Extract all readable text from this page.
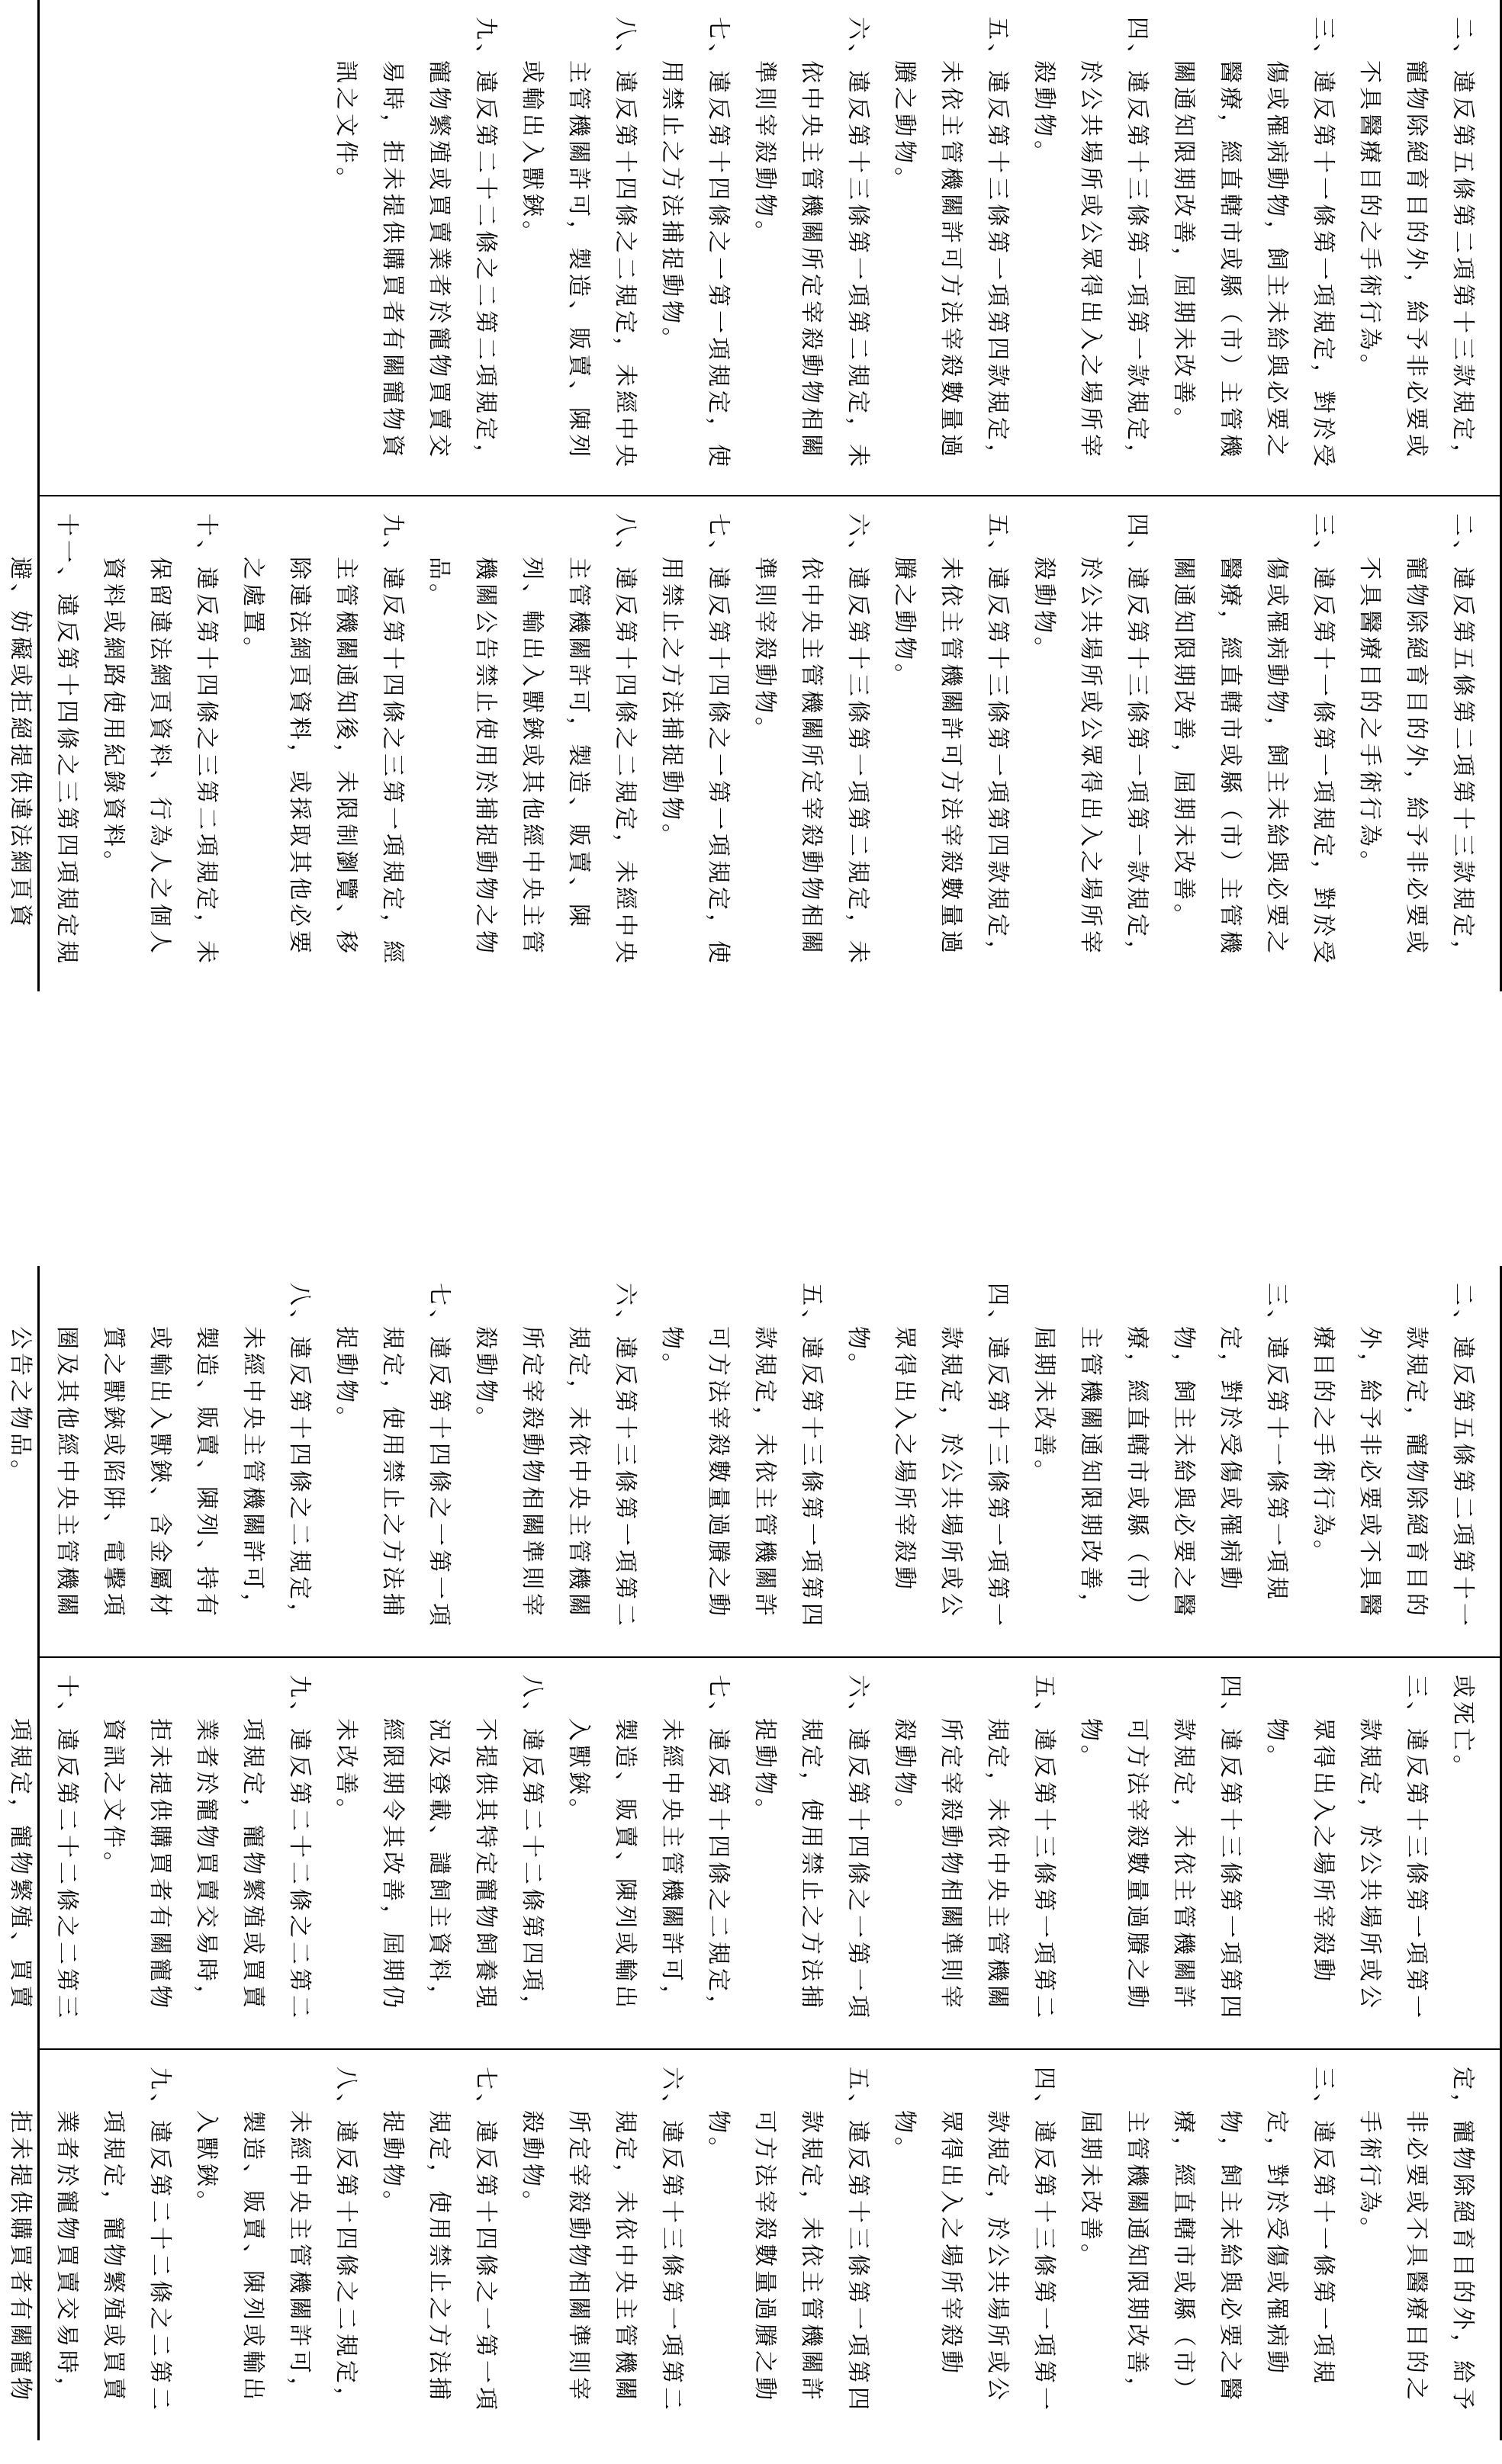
二、違反第五條第二項第十三款規定，寵物除絕育目的外，給予非必要或不具醫療目的之手術行為。

三、違反第十一條第一項規定，對於受傷或罹病動物，飼主未給與必要之醫療，經直轄市或縣（市）主管機關通知限期改善，屆期未改善。

四、違反第十三條第一項第一款規定，於公共場所或公眾得出入之場所宰殺動物。

五、違反第十三條第一項第四款規定，未依主管機關許可方法宰殺數量過賸之動物。

六、違反第十三條第一項第二規定，未依中央主管機關所定宰殺動物相關準則宰殺動物。

七、違反第十四條之一第一項規定，使用禁止之方法捕捉動物。

八、違反第十四條之二規定，未經中央主管機關許可，製造、販賣、陳列或輸出入獸鋏。

九、違反第二十二條之二第二項規定，寵物繁殖或買賣業者於寵物買賣交易時，拒未提供購買者有關寵物資訊之文件。

二、違反第五條第二項第十三款規定，寵物除絕育目的外，給予非必要或不具醫療目的之手術行為。

三、違反第十一條第一項規定，對於受傷或罹病動物，飼主未給與必要之醫療，經直轄市或縣（市）主管機關通知限期改善，屆期未改善。

四、違反第十三條第一項第一款規定，於公共場所或公眾得出入之場所宰殺動物。

五、違反第十三條第一項第四款規定，未依主管機關許可方法宰殺數量過賸之動物。

六、違反第十三條第一項第二規定，未依中央主管機關所定宰殺動物相關準則宰殺動物。

七、違反第十四條之一第一項規定，使用禁止之方法捕捉動物。

八、違反第十四條之二規定，未經中央主管機關許可，製造、販賣、陳列、輸出入獸鋏或其他經中央主管機關公告禁止使用於捕捉動物之物品。

九、違反第十四條之三第一項規定，經主管機關通知後，未限制瀏覽、移除違法網頁資料，或採取其他必要之處置。

十、違反第十四條之三第二項規定，未保留違法網頁資料、行為人之個人資料或網路使用紀錄資料。

十一、違反第十四條之三第四項規定規避、妨礙或拒絕提供違法網頁資

二、違反第五條第二項第十一款規定，寵物除絕育目的外，給予非必要或不具醫療目的之手術行為。

三、違反第十一條第一項規定，對於受傷或罹病動物，飼主未給與必要之醫療，經直轄市或縣（市）主管機關通知限期改善，屆期未改善。

四、違反第十三條第一項第一款規定，於公共場所或公眾得出入之場所宰殺動物。

五、違反第十三條第一項第四款規定，未依主管機關許可方法宰殺數量過賸之動物。

六、違反第十三條第一項第二規定，未依中央主管機關所定宰殺動物相關準則宰殺動物。

七、違反第十四條之一第一項規定，使用禁止之方法捕捉動物。

八、違反第十四條之二規定，未經中央主管機關許可，製造、販賣、陳列、持有或輸出入獸鋏、含金屬材質之獸鋏或陷阱、電擊項圈及其他經中央主管機關公告之物品。

或死亡。

三、違反第十三條第一項第一款規定，於公共場所或公眾得出入之場所宰殺動物。

四、違反第十三條第一項第四款規定，未依主管機關許可方法宰殺數量過賸之動物。

五、違反第十三條第一項第二規定，未依中央主管機關所定宰殺動物相關準則宰殺動物。

六、違反第十四條之一第一項規定，使用禁止之方法捕捉動物。

七、違反第十四條之二規定，未經中央主管機關許可，製造、販賣、陳列或輸出入獸鋏。

八、違反第二十二條第四項，不提供其特定寵物飼養現況及登載、譴飼主資料，經限期令其改善，屆期仍未改善。

九、違反第二十二條之二第二項規定，寵物繁殖或買賣業者於寵物買賣交易時，拒未提供購買者有關寵物資訊之文件。

十、違反第二十二條之二第三項規定，寵物繁殖、買賣

定，寵物除絕育目的外，給予非必要或不具醫療目的之手術行為。

三、違反第十一條第一項規定，對於受傷或罹病動物，飼主未給與必要之醫療，經直轄市或縣（市）主管機關通知限期改善，屆期未改善。

四、違反第十三條第一項第一款規定，於公共場所或公眾得出入之場所宰殺動物。

五、違反第十三條第一項第四款規定，未依主管機關許可方法宰殺數量過賸之動物。

六、違反第十三條第一項第二規定，未依中央主管機關所定宰殺動物相關準則宰殺動物。

七、違反第十四條之一第一項規定，使用禁止之方法捕捉動物。

八、違反第十四條之二規定，未經中央主管機關許可，製造、販賣、陳列或輸出入獸鋏。

九、違反第二十二條之二第二項規定，寵物繁殖或買賣業者於寵物買賣交易時，拒未提供購買者有關寵物
